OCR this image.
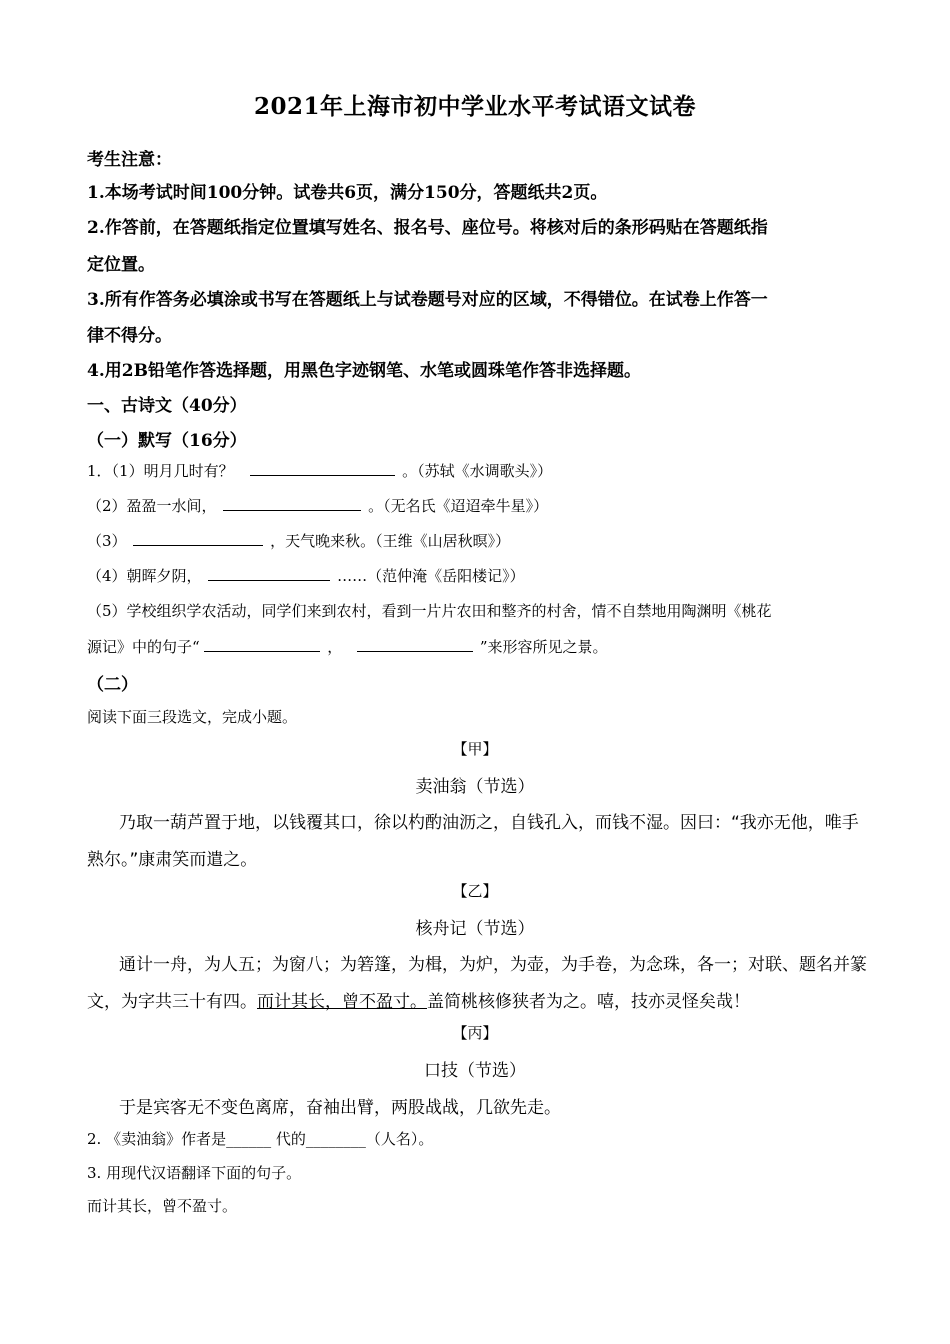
2021年上海市初中学业水平考试语文试卷
考生注意：
1.本场考试时间100分钟。试卷共6页，满分150分，答题纸共2页。
2.作答前，在答题纸指定位置填写姓名、报名号、座位号。将核对后的条形码贴在答题纸指
定位置。
3.所有作答务必填涂或书写在答题纸上与试卷题号对应的区域，不得错位。在试卷上作答一
律不得分。
4.用2B铅笔作答选择题，用黑色字迹钢笔、水笔或圆珠笔作答非选择题。
一、古诗文（40分）
（一）默写（16分）
1．（1）明月几时有？	。（苏轼《水调歌头》）
（2）盈盈一水间，	。（无名氏《迢迢牵牛星》）
（3）	，天气晚来秋。（王维《山居秋暝》）
（4）朝晖夕阴，	……（范仲淹《岳阳楼记》）
（5）学校组织学农活动，同学们来到农村，看到一片片农田和整齐的村舍，情不自禁地用陶渊明《桃花
源记》中的句子“	，	”来形容所见之景。
（二）
阅读下面三段选文，完成小题。
【甲】
卖油翁（节选）
乃取一葫芦置于地，以钱覆其口，徐以杓酌油沥之，自钱孔入，而钱不湿。因曰：“我亦无他，唯手
熟尔。”康肃笑而遣之。
【乙】
核舟记（节选）
通计一舟，为人五；为窗八；为箬篷，为楫，为炉，为壶，为手卷，为念珠，各一；对联、题名并篆
文，为字共三十有四。而计其长，曾不盈寸。盖简桃核修狭者为之。嘻，技亦灵怪矣哉！
【丙】
口技（节选）
于是宾客无不变色离席，奋袖出臂，两股战战，几欲先走。
2. 《卖油翁》作者是______ 代的________（人名）。
3. 用现代汉语翻译下面的句子。
而计其长，曾不盈寸。
